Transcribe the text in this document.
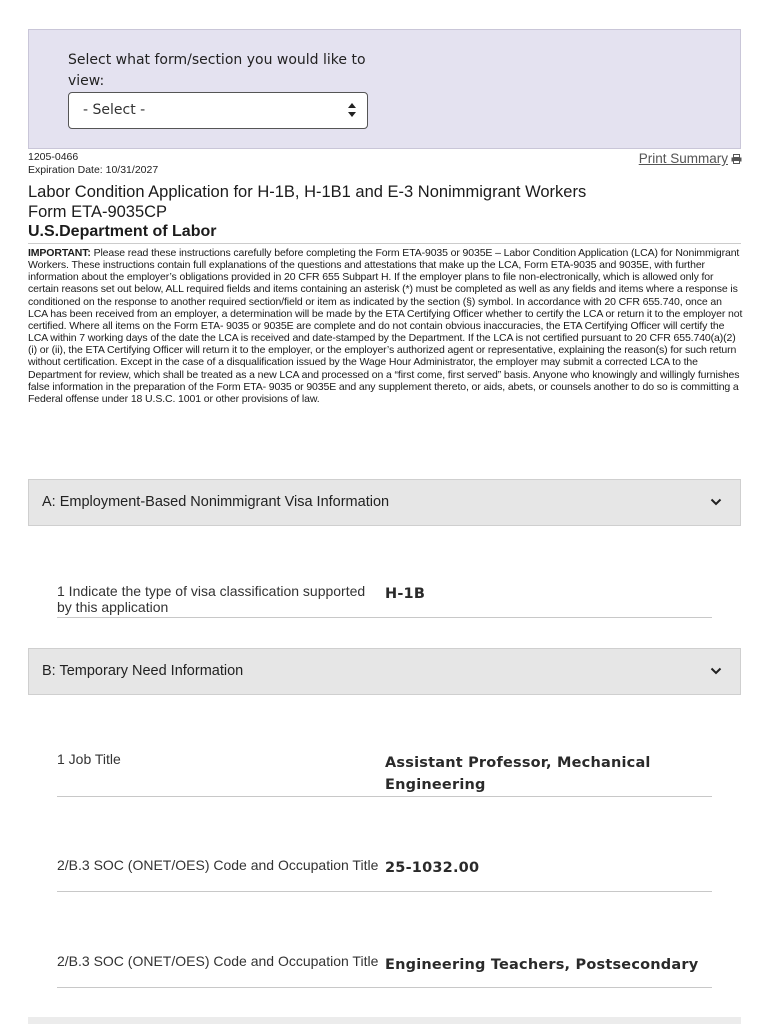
Select what form/section you would like to view:
- Select -
1205-0466
Expiration Date: 10/31/2027
Print Summary
Labor Condition Application for H-1B, H-1B1 and E-3 Nonimmigrant Workers
Form ETA-9035CP
U.S.Department of Labor

IMPORTANT: Please read these instructions carefully before completing the Form ETA-9035 or 9035E – Labor Condition Application (LCA) for Nonimmigrant Workers. These instructions contain full explanations of the questions and attestations that make up the LCA, Form ETA-9035 and 9035E, with further information about the employer’s obligations provided in 20 CFR 655 Subpart H. If the employer plans to file non-electronically, which is allowed only for certain reasons set out below, ALL required fields and items containing an asterisk (*) must be completed as well as any fields and items where a response is conditioned on the response to another required section/field or item as indicated by the section (§) symbol. In accordance with 20 CFR 655.740, once an LCA has been received from an employer, a determination will be made by the ETA Certifying Officer whether to certify the LCA or return it to the employer not certified. Where all items on the Form ETA- 9035 or 9035E are complete and do not contain obvious inaccuracies, the ETA Certifying Officer will certify the LCA within 7 working days of the date the LCA is received and date-stamped by the Department. If the LCA is not certified pursuant to 20 CFR 655.740(a)(2)(i) or (ii), the ETA Certifying Officer will return it to the employer, or the employer’s authorized agent or representative, explaining the reason(s) for such return without certification. Except in the case of a disqualification issued by the Wage Hour Administrator, the employer may submit a corrected LCA to the Department for review, which shall be treated as a new LCA and processed on a “first come, first served” basis. Anyone who knowingly and willingly furnishes false information in the preparation of the Form ETA- 9035 or 9035E and any supplement thereto, or aids, abets, or counsels another to do so is committing a Federal offense under 18 U.S.C. 1001 or other provisions of law.

A: Employment-Based Nonimmigrant Visa Information
1 Indicate the type of visa classification supported by this application
H-1B
B: Temporary Need Information
1 Job Title	Assistant Professor, Mechanical Engineering
2/B.3 SOC (ONET/OES) Code and Occupation Title 25-1032.00
2/B.3 SOC (ONET/OES) Code and Occupation Title Engineering Teachers, Postsecondary
